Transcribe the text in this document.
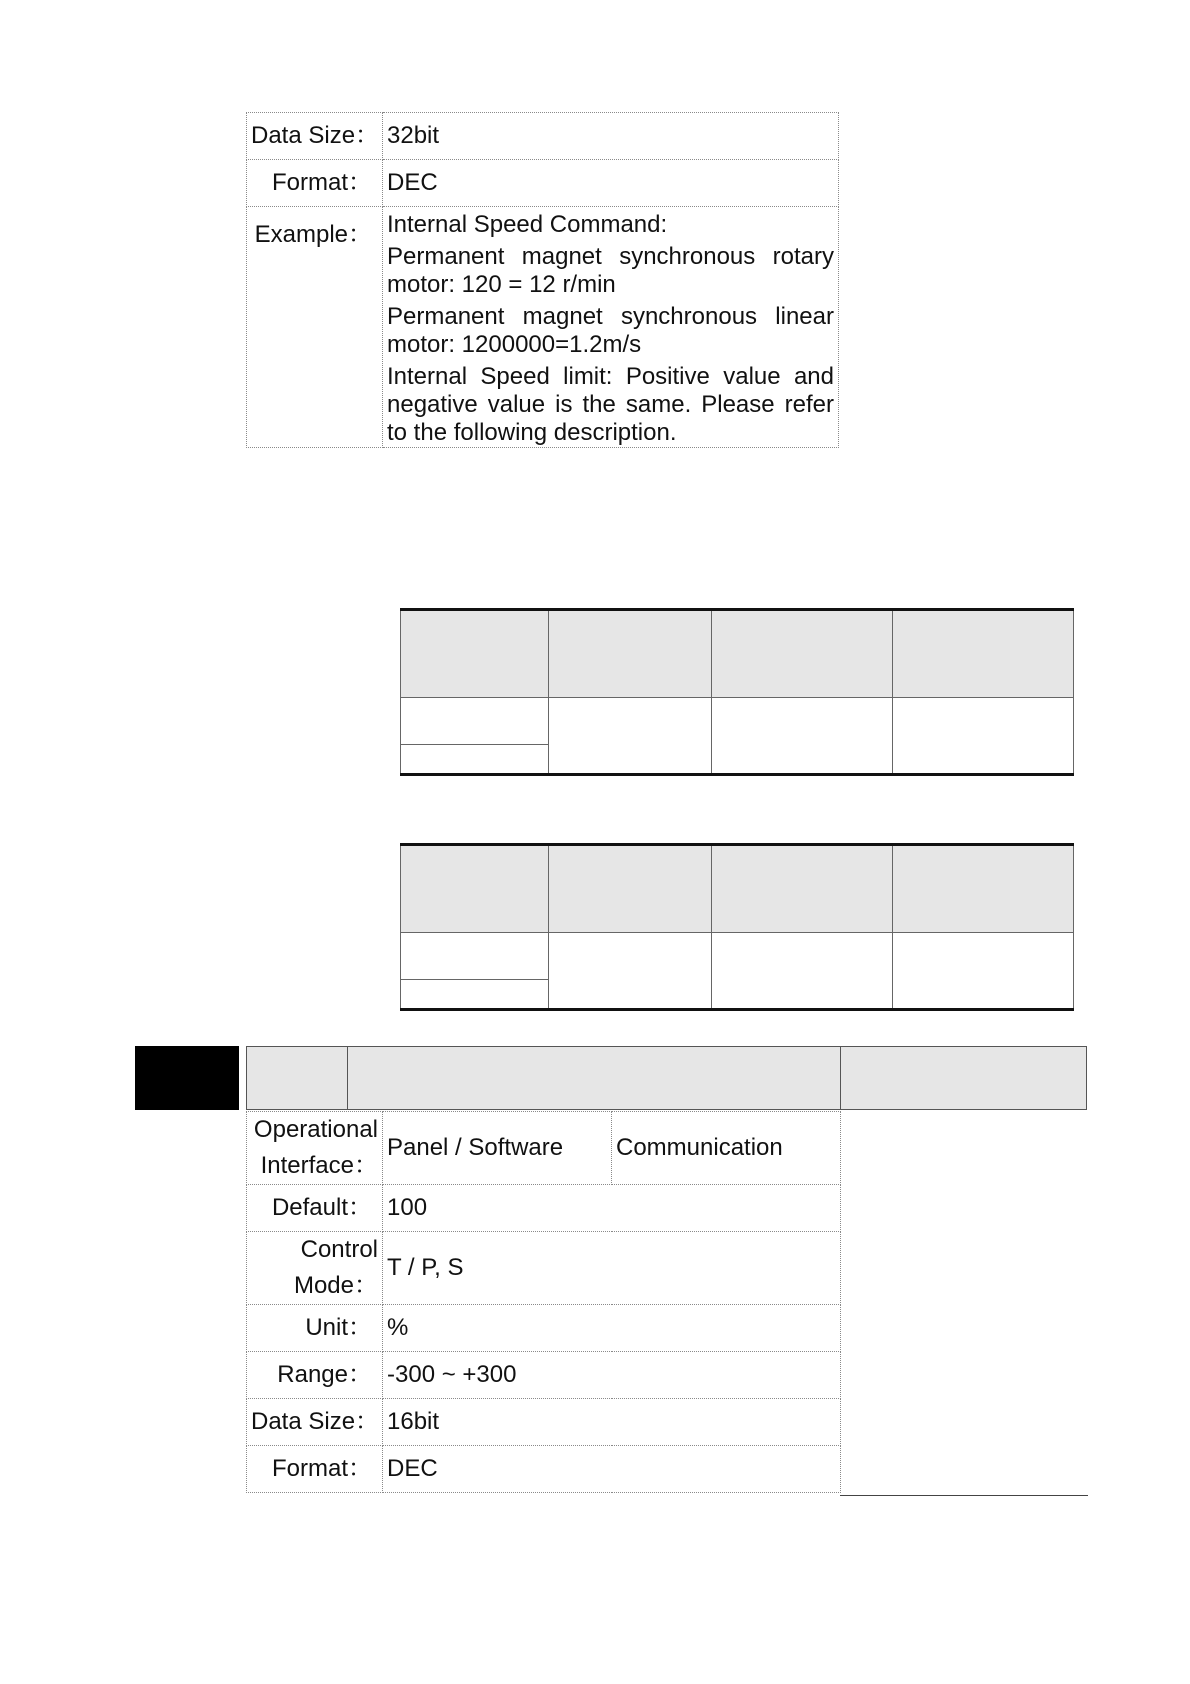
Data Size：	32bit
Format：	DEC
Example：	Internal Speed Command:
Permanent magnet synchronous rotary motor: 120 = 12 r/min
Permanent magnet synchronous linear motor: 1200000=1.2m/s
Internal Speed limit: Positive value and negative value is the same. Please refer to the following description.

Operational
Interface：	Panel / Software	Communication
Default：	100	

Control
Mode：	T / P, S	
Unit：	%	
Range：	-300 ~ +300	
Data Size：	16bit	
Format：	DEC	
